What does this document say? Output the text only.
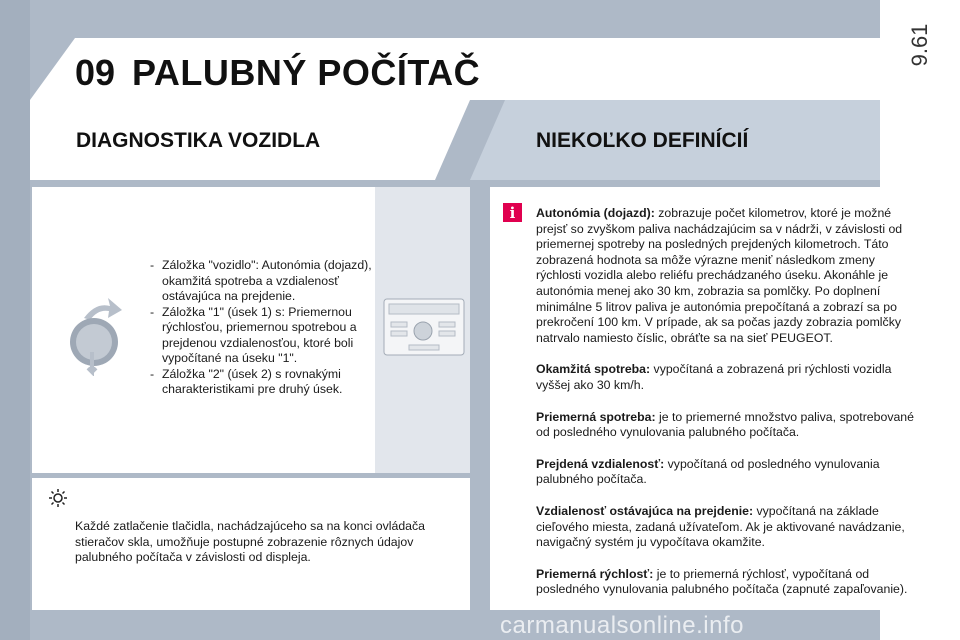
9.61
09 PALUBNÝ POČÍTAČ
DIAGNOSTIKA VOZIDLA	NIEKOĽKO DEFINÍCIÍ
- Záložka "vozidlo": Autonómia (dojazd), okamžitá spotreba a vzdialenosť ostávajúca na prejdenie.
- Záložka "1" (úsek 1) s: Priemernou rýchlosťou, priemernou spotrebou a prejdenou vzdialenosťou, ktoré boli vypočítané na úseku "1".
- Záložka "2" (úsek 2) s rovnakými charakteristikami pre druhý úsek.
Každé zatlačenie tlačidla, nachádzajúceho sa na konci ovládača stieračov skla, umožňuje postupné zobrazenie rôznych údajov palubného počítača v závislosti od displeja.
i	Autonómia (dojazd): zobrazuje počet kilometrov, ktoré je možné prejsť so zvyškom paliva nachádzajúcim sa v nádrži, v závislosti od priemernej spotreby na posledných prejdených kilometroch. Táto zobrazená hodnota sa môže výrazne meniť následkom zmeny rýchlosti vozidla alebo reliéfu prechádzaného úseku. Akonáhle je autonómia menej ako 30 km, zobrazia sa pomlčky. Po doplnení minimálne 5 litrov paliva je autonómia prepočítaná a zobrazí sa po prekročení 100 km. V prípade, ak sa počas jazdy zobrazia pomlčky natrvalo namiesto číslic, obráťte sa na sieť PEUGEOT.

Okamžitá spotreba: vypočítaná a zobrazená pri rýchlosti vozidla vyššej ako 30 km/h.

Priemerná spotreba: je to priemerné množstvo paliva, spotrebované od posledného vynulovania palubného počítača.

Prejdená vzdialenosť: vypočítaná od posledného vynulovania palubného počítača.

Vzdialenosť ostávajúca na prejdenie: vypočítaná na základe cieľového miesta, zadaná užívateľom. Ak je aktivované navádzanie, navigačný systém ju vypočítava okamžite.

Priemerná rýchlosť: je to priemerná rýchlosť, vypočítaná od posledného vynulovania palubného počítača (zapnuté zapaľovanie).

carmanualsonline.info
